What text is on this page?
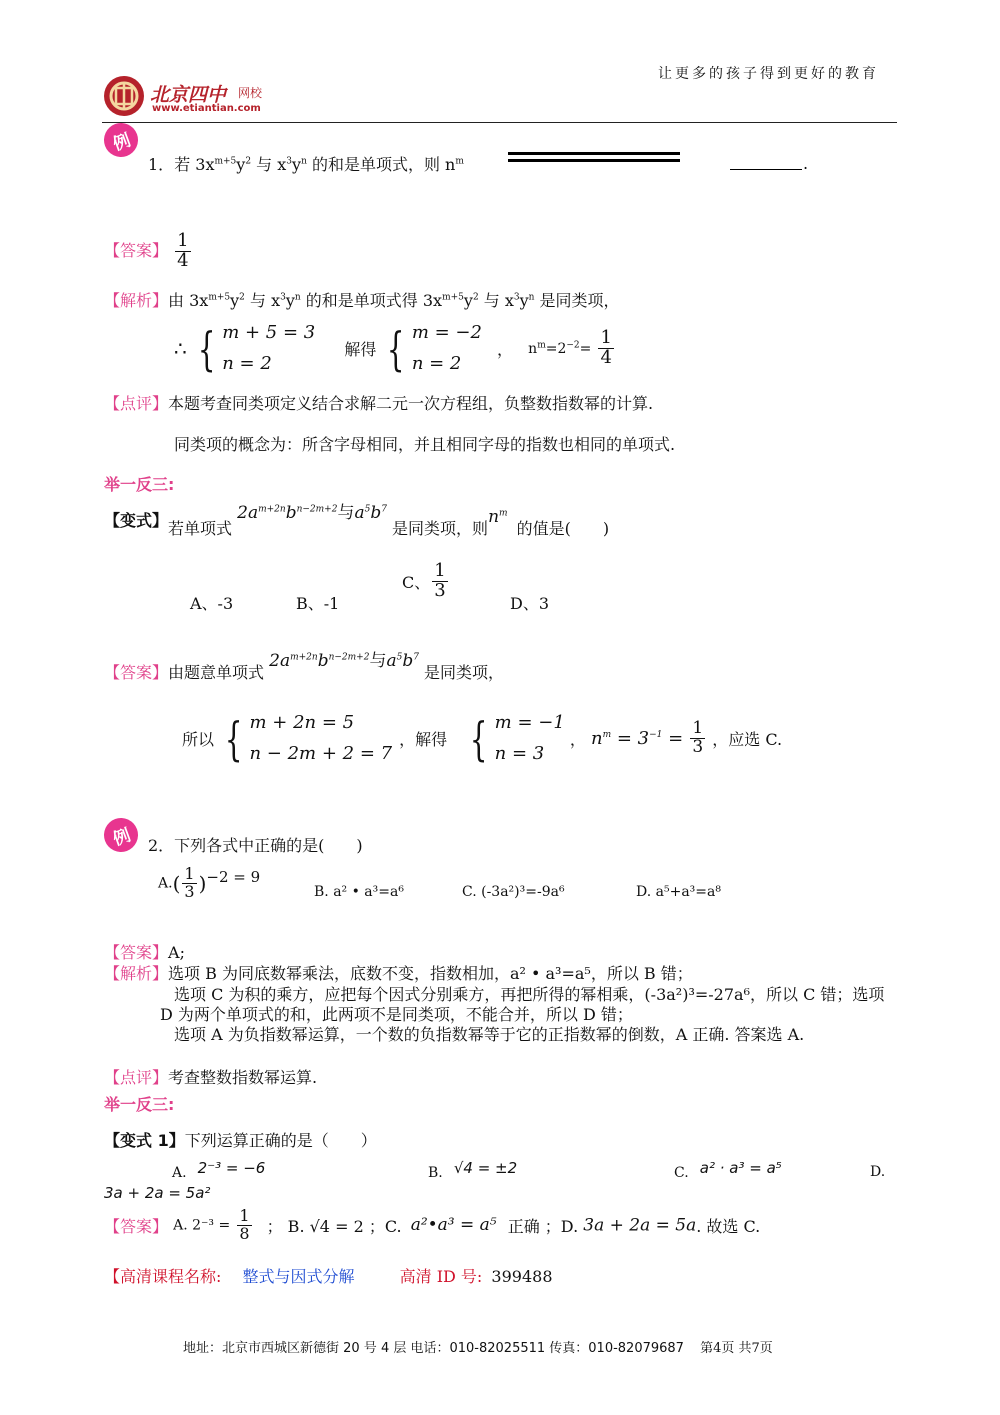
让更多的孩子得到更好的教育
北京四中 网校
www.etiantian.com
例
1．若 $3x^{m+5}y^2$ 与 $x^3y^n$ 的和是单项式，则 $n^m$	.
【答案】 $\frac{1}{4}$
【解析】由 $3x^{m+5}y^2$ 与 $x^3y^n$ 的和是单项式得 $3x^{m+5}y^2$ 与 $x^3y^n$ 是同类项，
∴ { m + 5 = 3
n = 2
解得 { m = −2
n = 2
， $n^m=2^{-2}= \frac{1}{4}$
【点评】本题考查同类项定义结合求解二元一次方程组，负整数指数幂的计算.
同类项的概念为：所含字母相同，并且相同字母的指数也相同的单项式.
举一反三:
【变式】若单项式 $2a^{m+2n}b^{n-2m+2}$与$a^5b^7$ 是同类项，则$n^m$ 的值是(　　)
A、-3	B、-1
C、 $\frac{1}{3}$
D、3
【答案】由题意单项式 $2a^{m+2n}b^{n-2m+2}$与$a^5b^7$ 是同类项，
所以 { m + 2n = 5
n − 2m + 2 = 7
，解得 { m = −1
n = 3
， $n^m = 3^{-1} = \frac{1}{3}$ ，应选 C.
例 2．下列各式中正确的是(　　)
$A.( \frac{1}{3} )-2 = 9$
B. a² • a³=a⁶	C. (-3a²)³=-9a⁶	D. a⁵+a³=a⁸
【答案】A;
【解析】选项 B 为同底数幂乘法，底数不变，指数相加，a² • a³=a⁵，所以 B 错；
选项 C 为积的乘方，应把每个因式分别乘方，再把所得的幂相乘，(-3a²)³=-27a⁶，所以 C 错；选项
D 为两个单项式的和，此两项不是同类项，不能合并，所以 D 错；
选项 A 为负指数幂运算，一个数的负指数幂等于它的正指数幂的倒数，A 正确. 答案选 A.
【点评】考查整数指数幂运算.
举一反三:
【变式 1】下列运算正确的是（　　）
A. 2⁻³ = −6	B. √4 = ±2	C. a² · a³ = a⁵	D.
3a + 2a = 5a²
【答案】 A. $2^{-3} = \frac{1}{8}$ ； B. √4 = 2 ；C. a²•a³ = a⁵ 正确 ；D. 3a + 2a = 5a. 故选 C.
【高清课程名称: 整式与因式分解	高清 ID 号: 399488
地址：北京市西城区新德街 20 号 4 层 电话：010-82025511 传真：010-82079687 第4页 共7页
